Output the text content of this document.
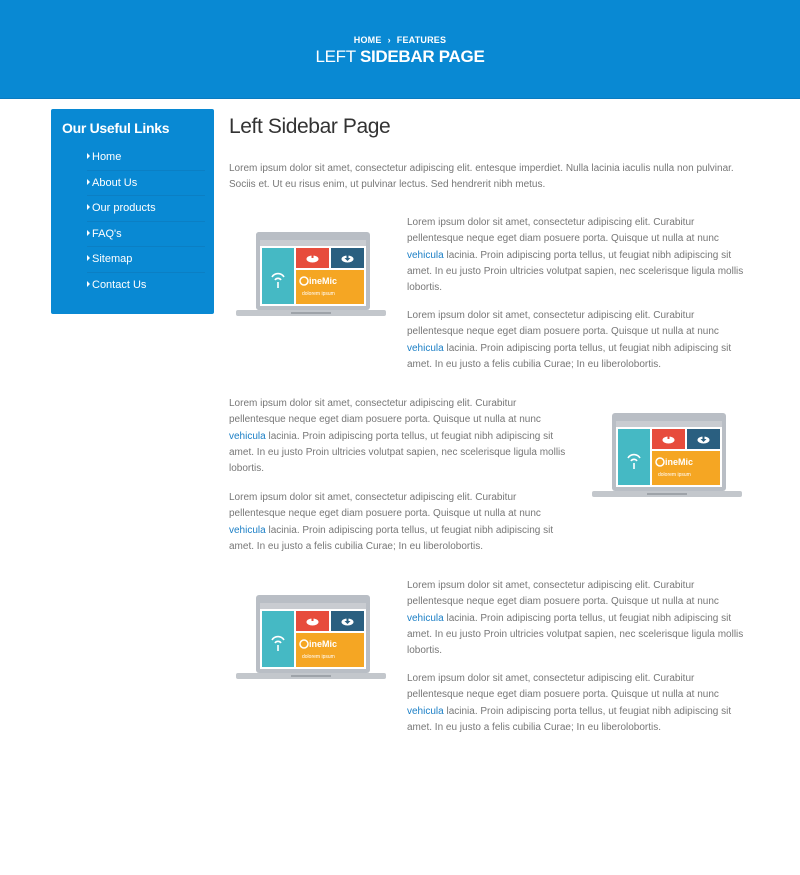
HOME › FEATURES
LEFT SIDEBAR PAGE
Our Useful Links
Home
About Us
Our products
FAQ's
Sitemap
Contact Us
Left Sidebar Page

Lorem ipsum dolor sit amet, consectetur adipiscing elit. entesque imperdiet. Nulla lacinia iaculis nulla non pulvinar. Sociis et. Ut eu risus enim, ut pulvinar lectus. Sed hendrerit nibh metus.

ineMic
dolorem ipsum

Lorem ipsum dolor sit amet, consectetur adipiscing elit. Curabitur pellentesque neque eget diam posuere porta. Quisque ut nulla at nunc vehicula lacinia. Proin adipiscing porta tellus, ut feugiat nibh adipiscing sit amet. In eu justo Proin ultricies volutpat sapien, nec scelerisque ligula mollis lobortis.

Lorem ipsum dolor sit amet, consectetur adipiscing elit. Curabitur pellentesque neque eget diam posuere porta. Quisque ut nulla at nunc vehicula lacinia. Proin adipiscing porta tellus, ut feugiat nibh adipiscing sit amet. In eu justo a felis cubilia Curae; In eu liberolobortis.

Lorem ipsum dolor sit amet, consectetur adipiscing elit. Curabitur pellentesque neque eget diam posuere porta. Quisque ut nulla at nunc vehicula lacinia. Proin adipiscing porta tellus, ut feugiat nibh adipiscing sit amet. In eu justo Proin ultricies volutpat sapien, nec scelerisque ligula mollis lobortis.

Lorem ipsum dolor sit amet, consectetur adipiscing elit. Curabitur pellentesque neque eget diam posuere porta. Quisque ut nulla at nunc vehicula lacinia. Proin adipiscing porta tellus, ut feugiat nibh adipiscing sit amet. In eu justo a felis cubilia Curae; In eu liberolobortis.

ineMic
dolorem ipsum
ineMic
dolorem ipsum

Lorem ipsum dolor sit amet, consectetur adipiscing elit. Curabitur pellentesque neque eget diam posuere porta. Quisque ut nulla at nunc vehicula lacinia. Proin adipiscing porta tellus, ut feugiat nibh adipiscing sit amet. In eu justo Proin ultricies volutpat sapien, nec scelerisque ligula mollis lobortis.

Lorem ipsum dolor sit amet, consectetur adipiscing elit. Curabitur pellentesque neque eget diam posuere porta. Quisque ut nulla at nunc vehicula lacinia. Proin adipiscing porta tellus, ut feugiat nibh adipiscing sit amet. In eu justo a felis cubilia Curae; In eu liberolobortis.
